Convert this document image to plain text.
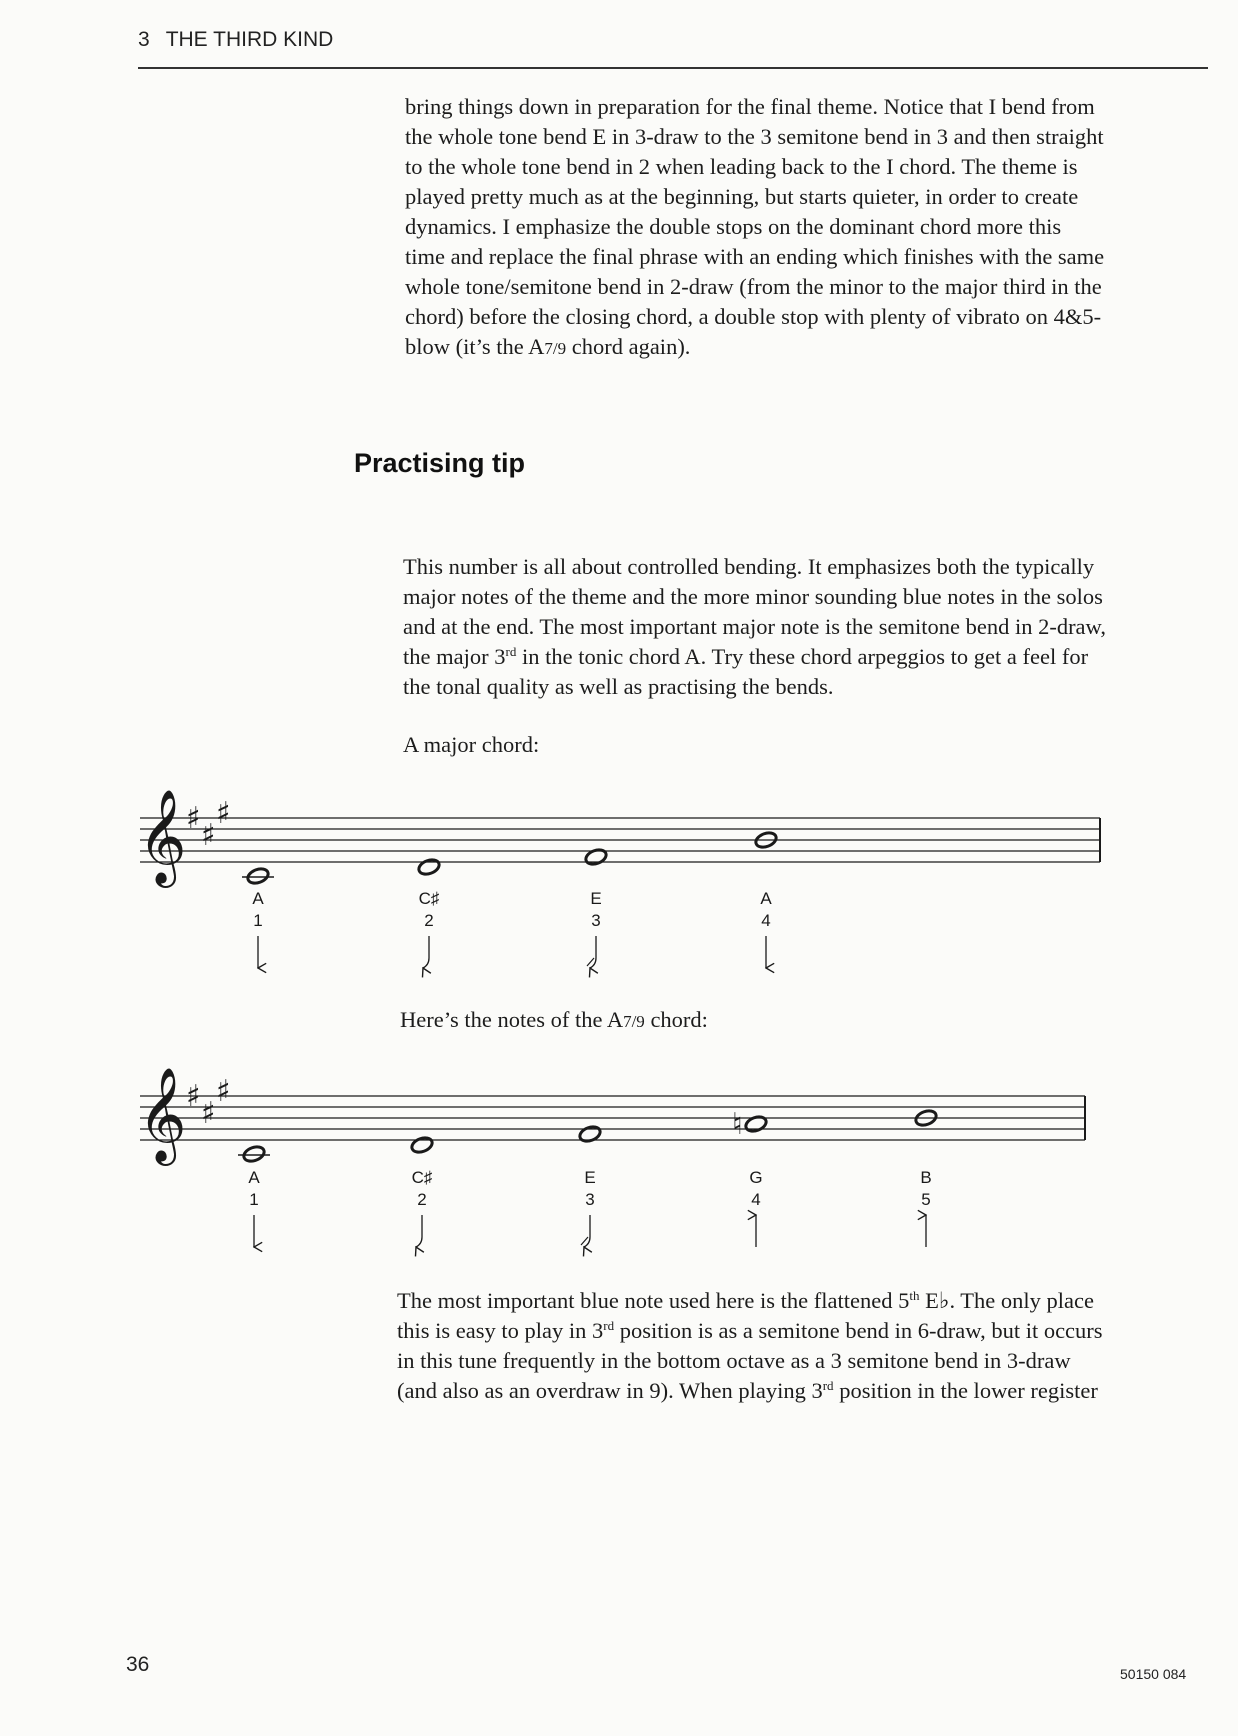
3 THE THIRD KIND

bring things down in preparation for the final theme. Notice that I bend from
the whole tone bend E in 3-draw to the 3 semitone bend in 3 and then straight
to the whole tone bend in 2 when leading back to the I chord. The theme is
played pretty much as at the beginning, but starts quieter, in order to create
dynamics. I emphasize the double stops on the dominant chord more this
time and replace the final phrase with an ending which finishes with the same
whole tone/semitone bend in 2-draw (from the minor to the major third in the
chord) before the closing chord, a double stop with plenty of vibrato on 4&5-
blow (it’s the A7/9 chord again).

Practising tip

This number is all about controlled bending. It emphasizes both the typically
major notes of the theme and the more minor sounding blue notes in the solos
and at the end. The most important major note is the semitone bend in 2-draw,
the major 3rd in the tonic chord A. Try these chord arpeggios to get a feel for
the tonal quality as well as practising the bends.

A major chord:
Here’s the notes of the A7/9 chord:
𝄞 ♯ ♯
♯
A
1
C♯
2
E
3
A
4
𝄞 ♯ ♯
♯
♮
A
1
C♯
2
E
3
G
4
B
5

The most important blue note used here is the flattened 5th E♭. The only place
this is easy to play in 3rd position is as a semitone bend in 6-draw, but it occurs
in this tune frequently in the bottom octave as a 3 semitone bend in 3-draw
(and also as an overdraw in 9). When playing 3rd position in the lower register

36	50150 084
